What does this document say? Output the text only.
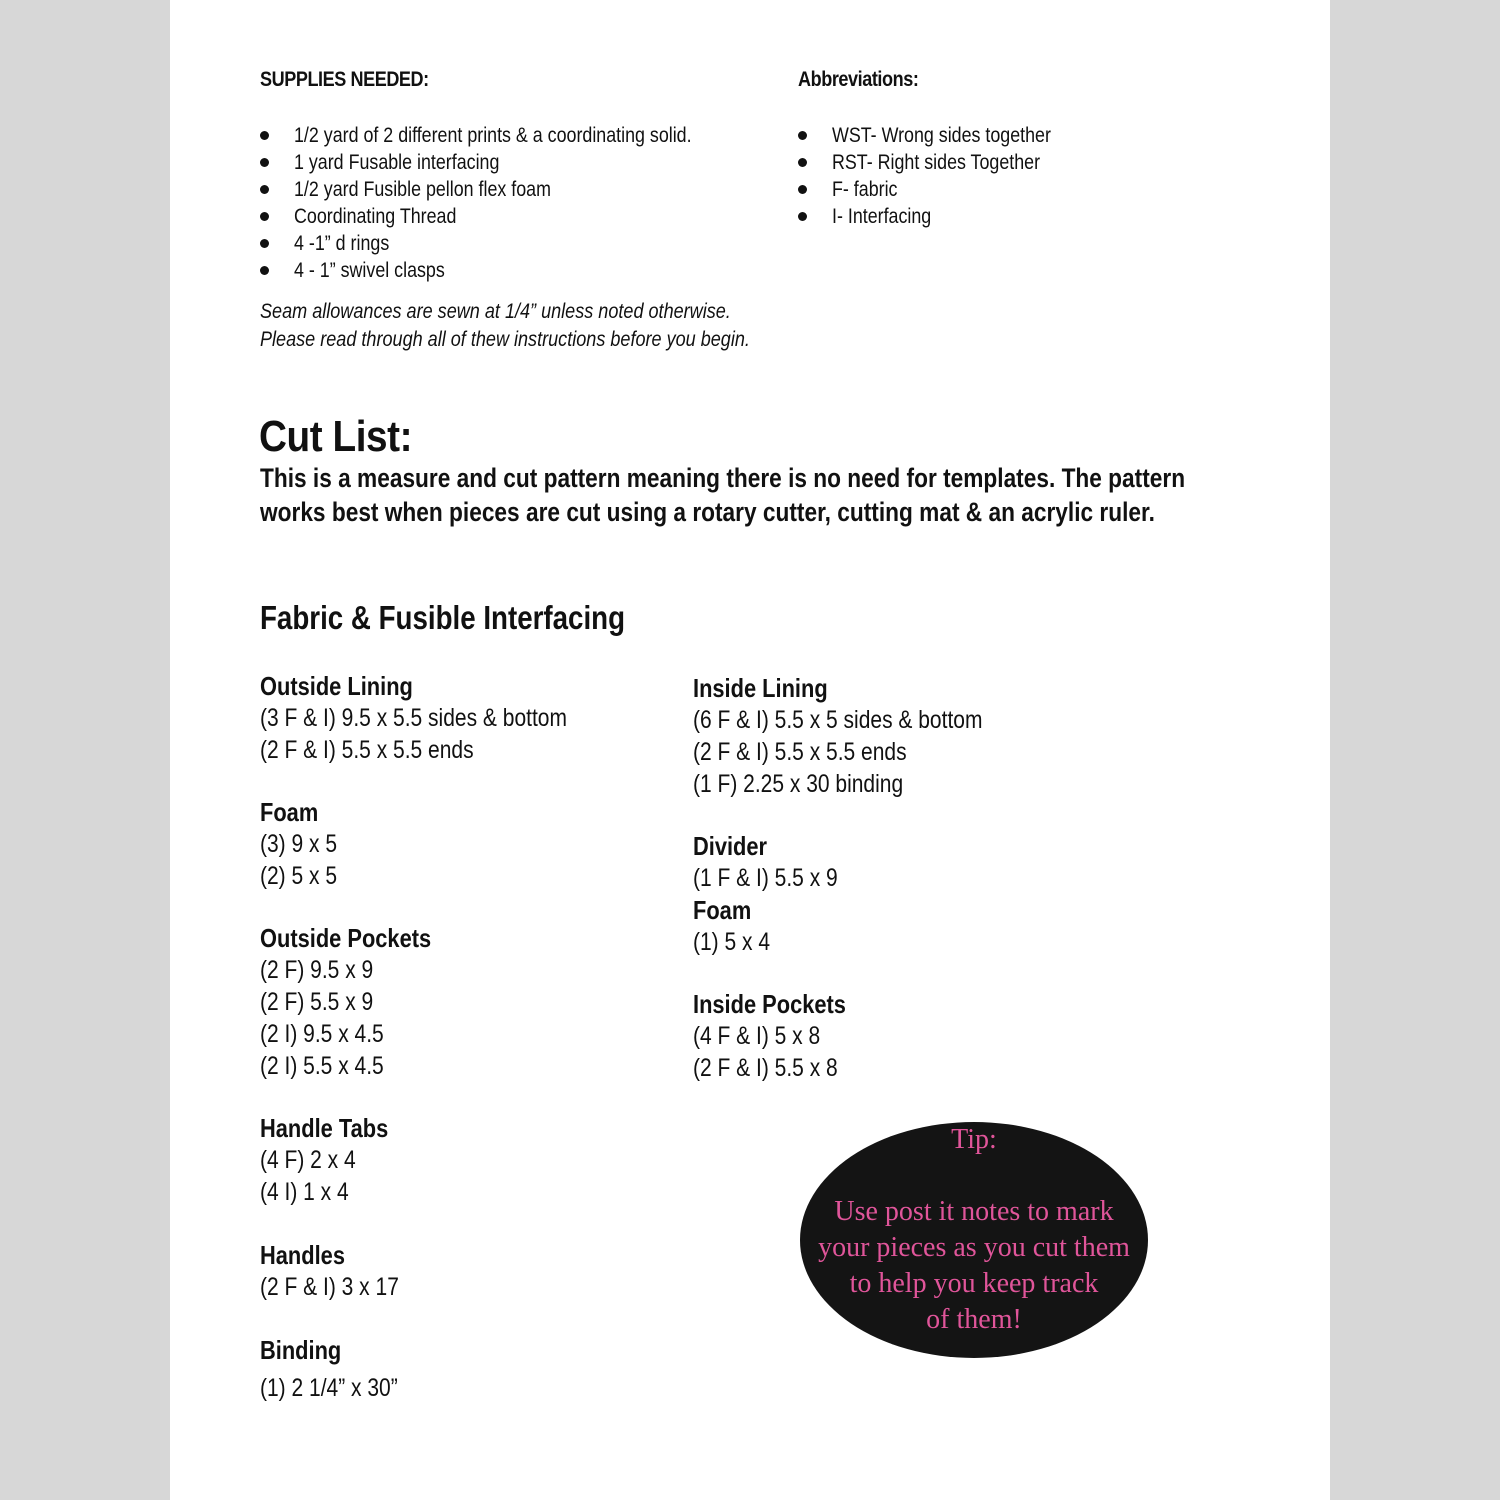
SUPPLIES NEEDED:
1/2 yard of 2 different prints & a coordinating solid.
1 yard Fusable interfacing
1/2 yard Fusible pellon flex foam
Coordinating Thread
4 -1” d rings
4 - 1” swivel clasps
Seam allowances are sewn at 1/4” unless noted otherwise.
Please read through all of thew instructions before you begin.
Abbreviations:
WST- Wrong sides together
RST- Right sides Together
F- fabric
I- Interfacing
Cut List:
This is a measure and cut pattern meaning there is no need for templates. The pattern
works best when pieces are cut using a rotary cutter, cutting mat & an acrylic ruler.
Fabric & Fusible Interfacing
Outside Lining
(3 F & I) 9.5 x 5.5 sides & bottom
(2 F & I) 5.5 x 5.5 ends
Foam
(3) 9 x 5
(2) 5 x 5
Outside Pockets
(2 F) 9.5 x 9
(2 F) 5.5 x 9
(2 I) 9.5 x 4.5
(2 I) 5.5 x 4.5
Handle Tabs
(4 F) 2 x 4
(4 I) 1 x 4
Handles
(2 F & I) 3 x 17
Binding
(1) 2 1/4” x 30”
Inside Lining
(6 F & I) 5.5 x 5 sides & bottom
(2 F & I) 5.5 x 5.5 ends
(1 F) 2.25 x 30 binding
Divider
(1 F & I) 5.5 x 9
Foam
(1) 5 x 4
Inside Pockets
(4 F & I) 5 x 8
(2 F & I) 5.5 x 8
Tip:
Use post it notes to mark
your pieces as you cut them
to help you keep track
of them!
